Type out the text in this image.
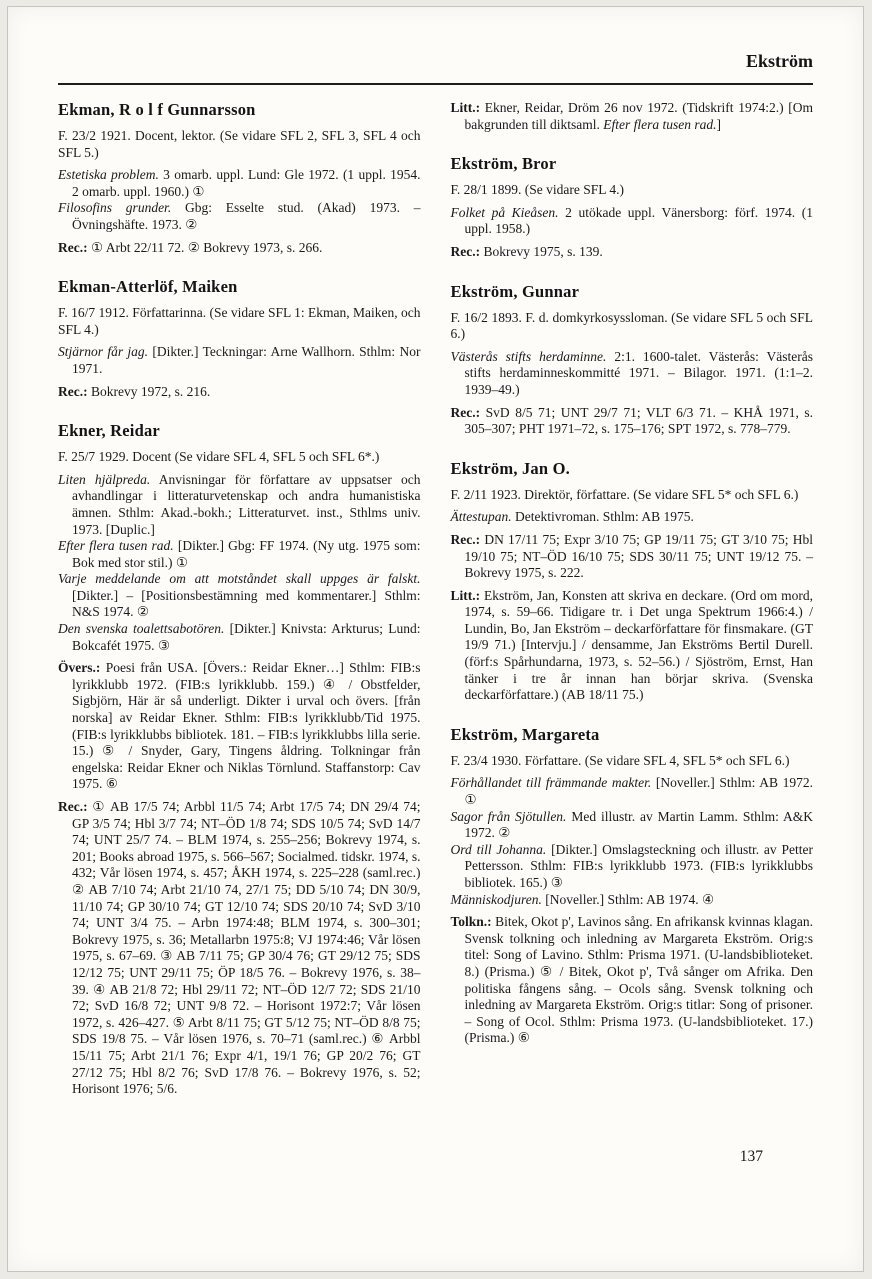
Ekström
Ekman, R o l f Gunnarsson

F. 23/2 1921. Docent, lektor. (Se vidare SFL 2, SFL 3, SFL 4 och SFL 5.)

Estetiska problem. 3 omarb. uppl. Lund: Gle 1972. (1 uppl. 1954. 2 omarb. uppl. 1960.) ①

Filosofins grunder. Gbg: Esselte stud. (Akad) 1973. – Övningshäfte. 1973. ②

Rec.: ① Arbt 22/11 72. ② Bokrevy 1973, s. 266.

Ekman-Atterlöf, Maiken

F. 16/7 1912. Författarinna. (Se vidare SFL 1: Ekman, Maiken, och SFL 4.)

Stjärnor får jag. [Dikter.] Teckningar: Arne Wallhorn. Sthlm: Nor 1971.

Rec.: Bokrevy 1972, s. 216.

Ekner, Reidar

F. 25/7 1929. Docent (Se vidare SFL 4, SFL 5 och SFL 6*.)

Liten hjälpreda. Anvisningar för författare av uppsatser och avhandlingar i litteraturvetenskap och andra humanistiska ämnen. Sthlm: Akad.-bokh.; Litteraturvet. inst., Sthlms univ. 1973. [Duplic.]

Efter flera tusen rad. [Dikter.] Gbg: FF 1974. (Ny utg. 1975 som: Bok med stor stil.) ①

Varje meddelande om att motståndet skall uppges är falskt. [Dikter.] – [Positionsbestämning med kommentarer.] Sthlm: N&S 1974. ②

Den svenska toalettsabotören. [Dikter.] Knivsta: Arkturus; Lund: Bokcafét 1975. ③

Övers.: Poesi från USA. [Övers.: Reidar Ekner…] Sthlm: FIB:s lyrikklubb 1972. (FIB:s lyrikklubb. 159.) ④ / Obstfelder, Sigbjörn, Här är så underligt. Dikter i urval och övers. [från norska] av Reidar Ekner. Sthlm: FIB:s lyrikklubb/Tid 1975. (FIB:s lyrikklubbs bibliotek. 181. – FIB:s lyrikklubbs lilla serie. 15.) ⑤ / Snyder, Gary, Tingens åldring. Tolkningar från engelska: Reidar Ekner och Niklas Törnlund. Staffanstorp: Cav 1975. ⑥

Rec.: ① AB 17/5 74; Arbbl 11/5 74; Arbt 17/5 74; DN 29/4 74; GP 3/5 74; Hbl 3/7 74; NT–ÖD 1/8 74; SDS 10/5 74; SvD 14/7 74; UNT 25/7 74. – BLM 1974, s. 255–256; Bokrevy 1974, s. 201; Books abroad 1975, s. 566–567; Socialmed. tidskr. 1974, s. 432; Vår lösen 1974, s. 457; ÅKH 1974, s. 225–228 (saml.rec.) ② AB 7/10 74; Arbt 21/10 74, 27/1 75; DD 5/10 74; DN 30/9, 11/10 74; GP 30/10 74; GT 12/10 74; SDS 20/10 74; SvD 3/10 74; UNT 3/4 75. – Arbn 1974:48; BLM 1974, s. 300–301; Bokrevy 1975, s. 36; Metallarbn 1975:8; VJ 1974:46; Vår lösen 1975, s. 67–69. ③ AB 7/11 75; GP 30/4 76; GT 29/12 75; SDS 12/12 75; UNT 29/11 75; ÖP 18/5 76. – Bokrevy 1976, s. 38–39. ④ AB 21/8 72; Hbl 29/11 72; NT–ÖD 12/7 72; SDS 21/10 72; SvD 16/8 72; UNT 9/8 72. – Horisont 1972:7; Vår lösen 1972, s. 426–427. ⑤ Arbt 8/11 75; GT 5/12 75; NT–ÖD 8/8 75; SDS 19/8 75. – Vår lösen 1976, s. 70–71 (saml.rec.) ⑥ Arbbl 15/11 75; Arbt 21/1 76; Expr 4/1, 19/1 76; GP 20/2 76; GT 27/12 75; Hbl 8/2 76; SvD 17/8 76. – Bokrevy 1976, s. 52; Horisont 1976; 5/6.

Litt.: Ekner, Reidar, Dröm 26 nov 1972. (Tidskrift 1974:2.) [Om bakgrunden till diktsaml. Efter flera tusen rad.]

Ekström, Bror

F. 28/1 1899. (Se vidare SFL 4.)

Folket på Kieåsen. 2 utökade uppl. Vänersborg: förf. 1974. (1 uppl. 1958.)

Rec.: Bokrevy 1975, s. 139.

Ekström, Gunnar

F. 16/2 1893. F. d. domkyrkosyssloman. (Se vidare SFL 5 och SFL 6.)

Västerås stifts herdaminne. 2:1. 1600-talet. Västerås: Västerås stifts herdaminneskommitté 1971. – Bilagor. 1971. (1:1–2. 1939–49.)

Rec.: SvD 8/5 71; UNT 29/7 71; VLT 6/3 71. – KHÅ 1971, s. 305–307; PHT 1971–72, s. 175–176; SPT 1972, s. 778–779.

Ekström, Jan O.

F. 2/11 1923. Direktör, författare. (Se vidare SFL 5* och SFL 6.)

Ättestupan. Detektivroman. Sthlm: AB 1975.

Rec.: DN 17/11 75; Expr 3/10 75; GP 19/11 75; GT 3/10 75; Hbl 19/10 75; NT–ÖD 16/10 75; SDS 30/11 75; UNT 19/12 75. – Bokrevy 1975, s. 222.

Litt.: Ekström, Jan, Konsten att skriva en deckare. (Ord om mord, 1974, s. 59–66. Tidigare tr. i Det unga Spektrum 1966:4.) / Lundin, Bo, Jan Ekström – deckarförfattare för finsmakare. (GT 19/9 71.) [Intervju.] / densamme, Jan Ekströms Bertil Durell. (förf:s Spårhundarna, 1973, s. 52–56.) / Sjöström, Ernst, Han tänker i tre år innan han börjar skriva. (Svenska deckarförfattare.) (AB 18/11 75.)

Ekström, Margareta

F. 23/4 1930. Författare. (Se vidare SFL 4, SFL 5* och SFL 6.)

Förhållandet till främmande makter. [Noveller.] Sthlm: AB 1972. ①

Sagor från Sjötullen. Med illustr. av Martin Lamm. Sthlm: A&K 1972. ②

Ord till Johanna. [Dikter.] Omslagsteckning och illustr. av Petter Pettersson. Sthlm: FIB:s lyrikklubb 1973. (FIB:s lyrikklubbs bibliotek. 165.) ③

Människodjuren. [Noveller.] Sthlm: AB 1974. ④

Tolkn.: Bitek, Okot p', Lavinos sång. En afrikansk kvinnas klagan. Svensk tolkning och inledning av Margareta Ekström. Orig:s titel: Song of Lavino. Sthlm: Prisma 1971. (U-landsbiblioteket. 8.) (Prisma.) ⑤ / Bitek, Okot p', Två sånger om Afrika. Den politiska fångens sång. – Ocols sång. Svensk tolkning och inledning av Margareta Ekström. Orig:s titlar: Song of prisoner. – Song of Ocol. Sthlm: Prisma 1973. (U-landsbiblioteket. 17.) (Prisma.) ⑥

137
